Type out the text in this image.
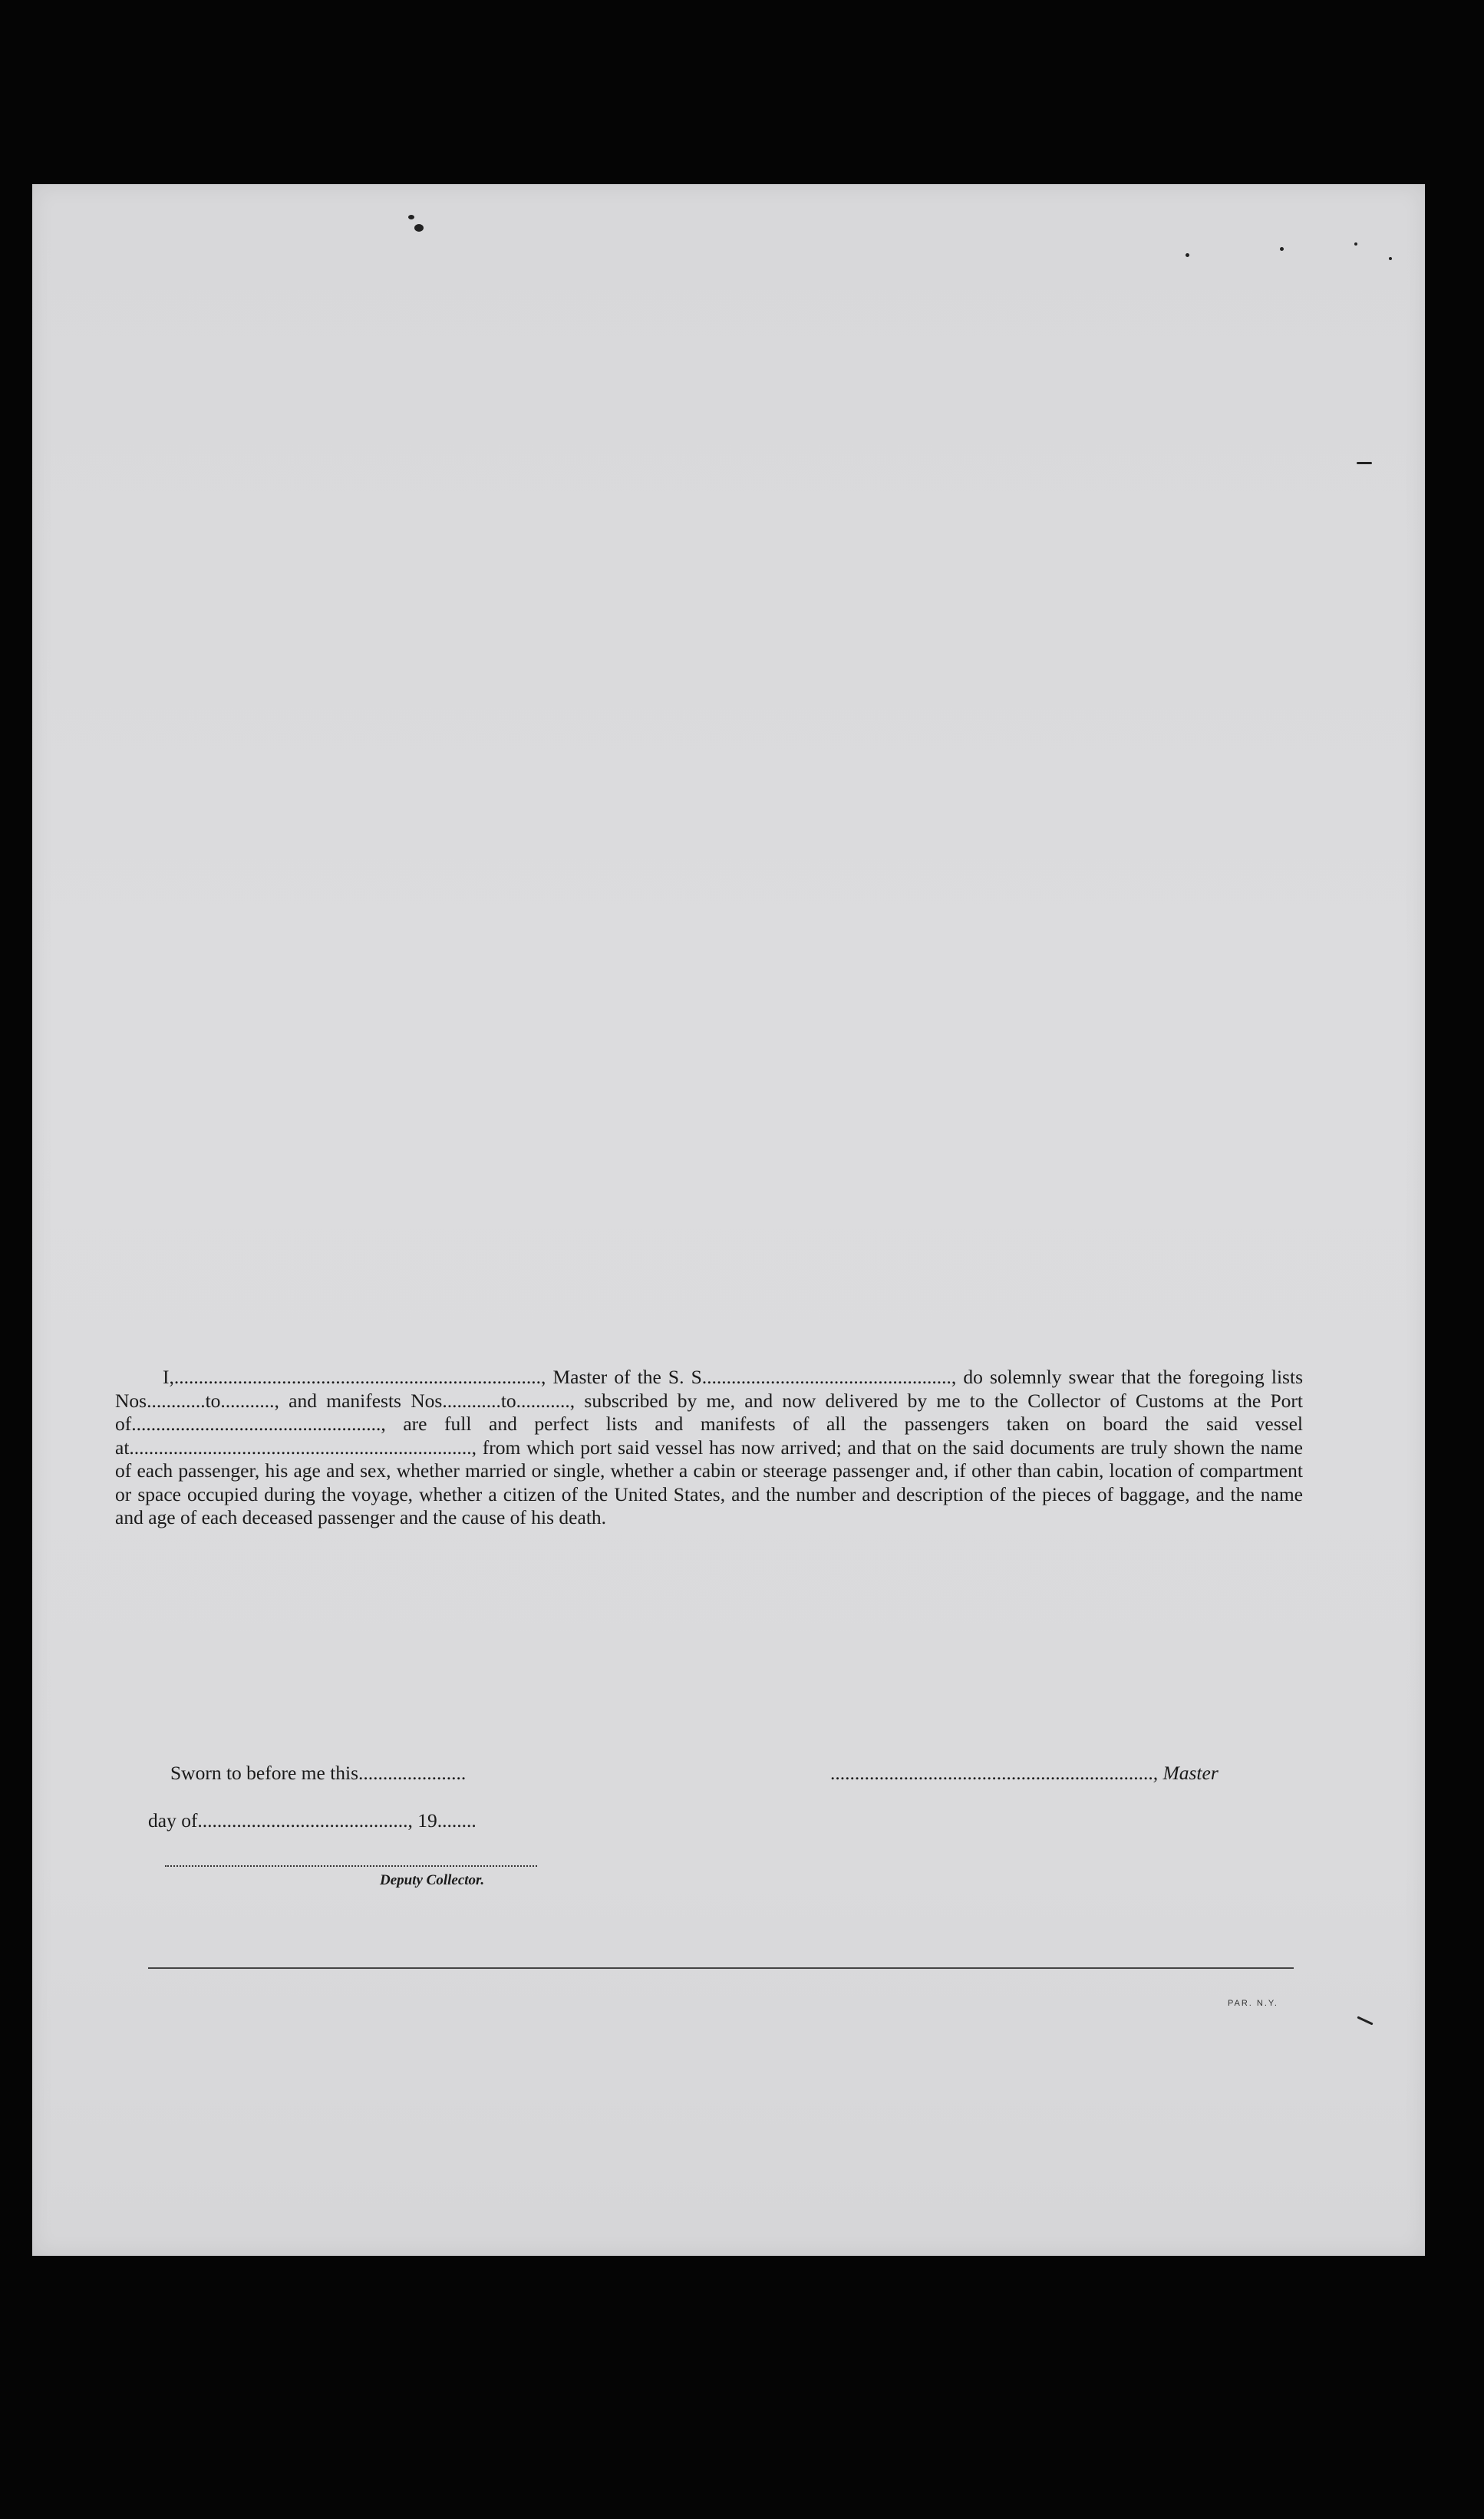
I,..........................................................................., Master of the S. S..................................................., do solemnly swear that the foregoing lists Nos............to..........., and manifests Nos............to..........., subscribed by me, and now delivered by me to the Collector of Customs at the Port of..................................................., are full and perfect lists and manifests of all the passengers taken on board the said vessel at......................................................................, from which port said vessel has now arrived; and that on the said documents are truly shown the name of each passenger, his age and sex, whether married or single, whether a cabin or steerage passenger and, if other than cabin, location of compartment or space occupied during the voyage, whether a citizen of the United States, and the number and description of the pieces of baggage, and the name and age of each deceased passenger and the cause of his death.

Sworn to before me this......................	.................................................................., Master
day of..........................................., 19........
Deputy Collector.
PAR. N.Y.
